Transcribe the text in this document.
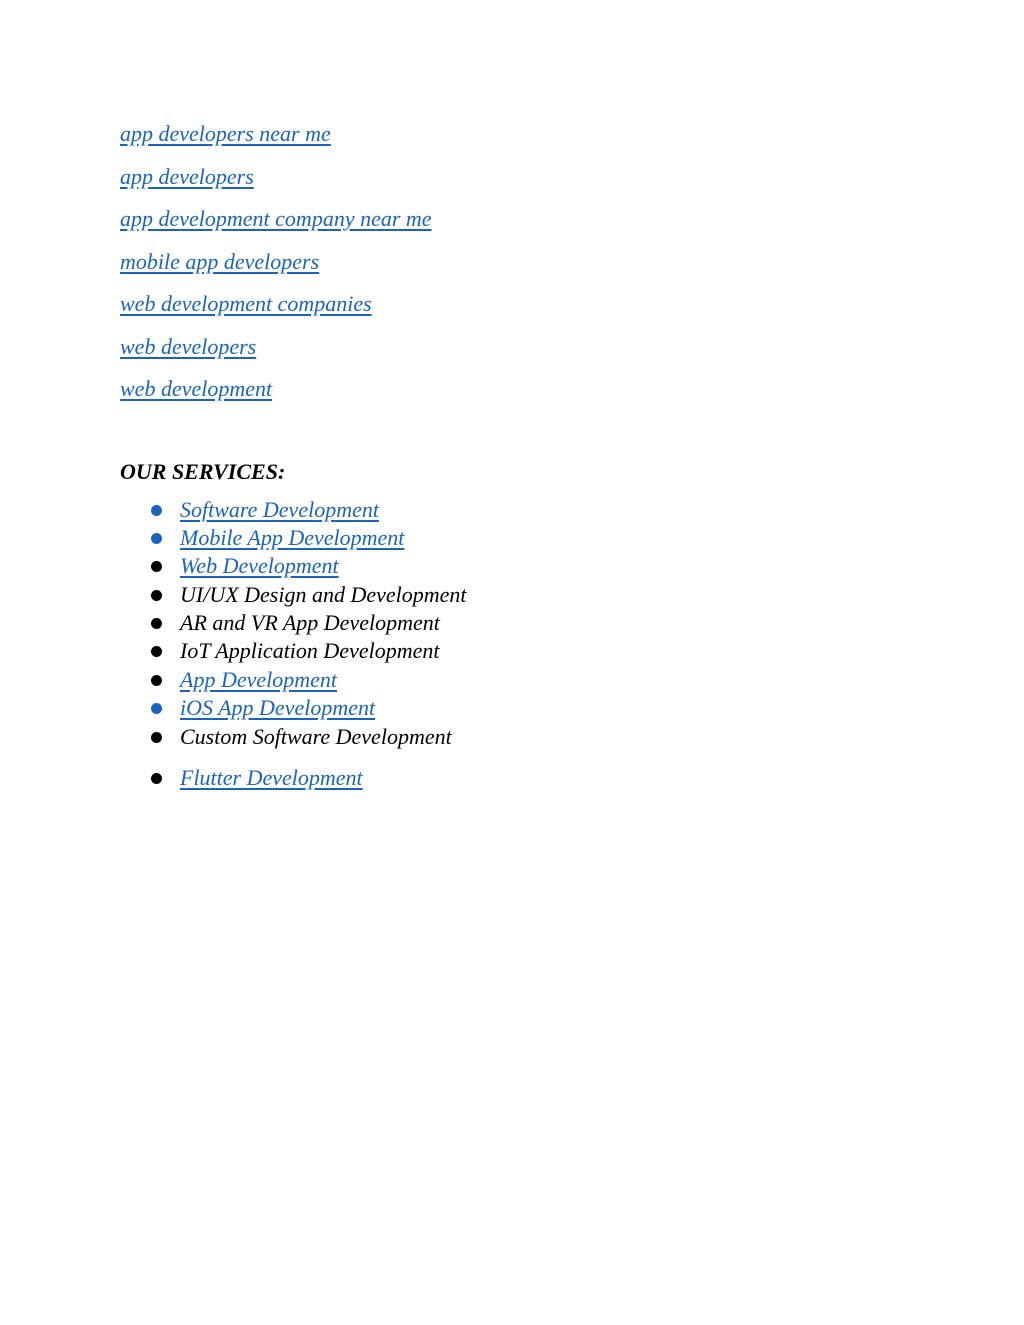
app developers near me
app developers
app development company near me
mobile app developers
web development companies
web developers
web development
OUR SERVICES:
Software Development
Mobile App Development
Web Development
UI/UX Design and Development
AR and VR App Development
IoT Application Development
App Development
iOS App Development
Custom Software Development
Flutter Development
